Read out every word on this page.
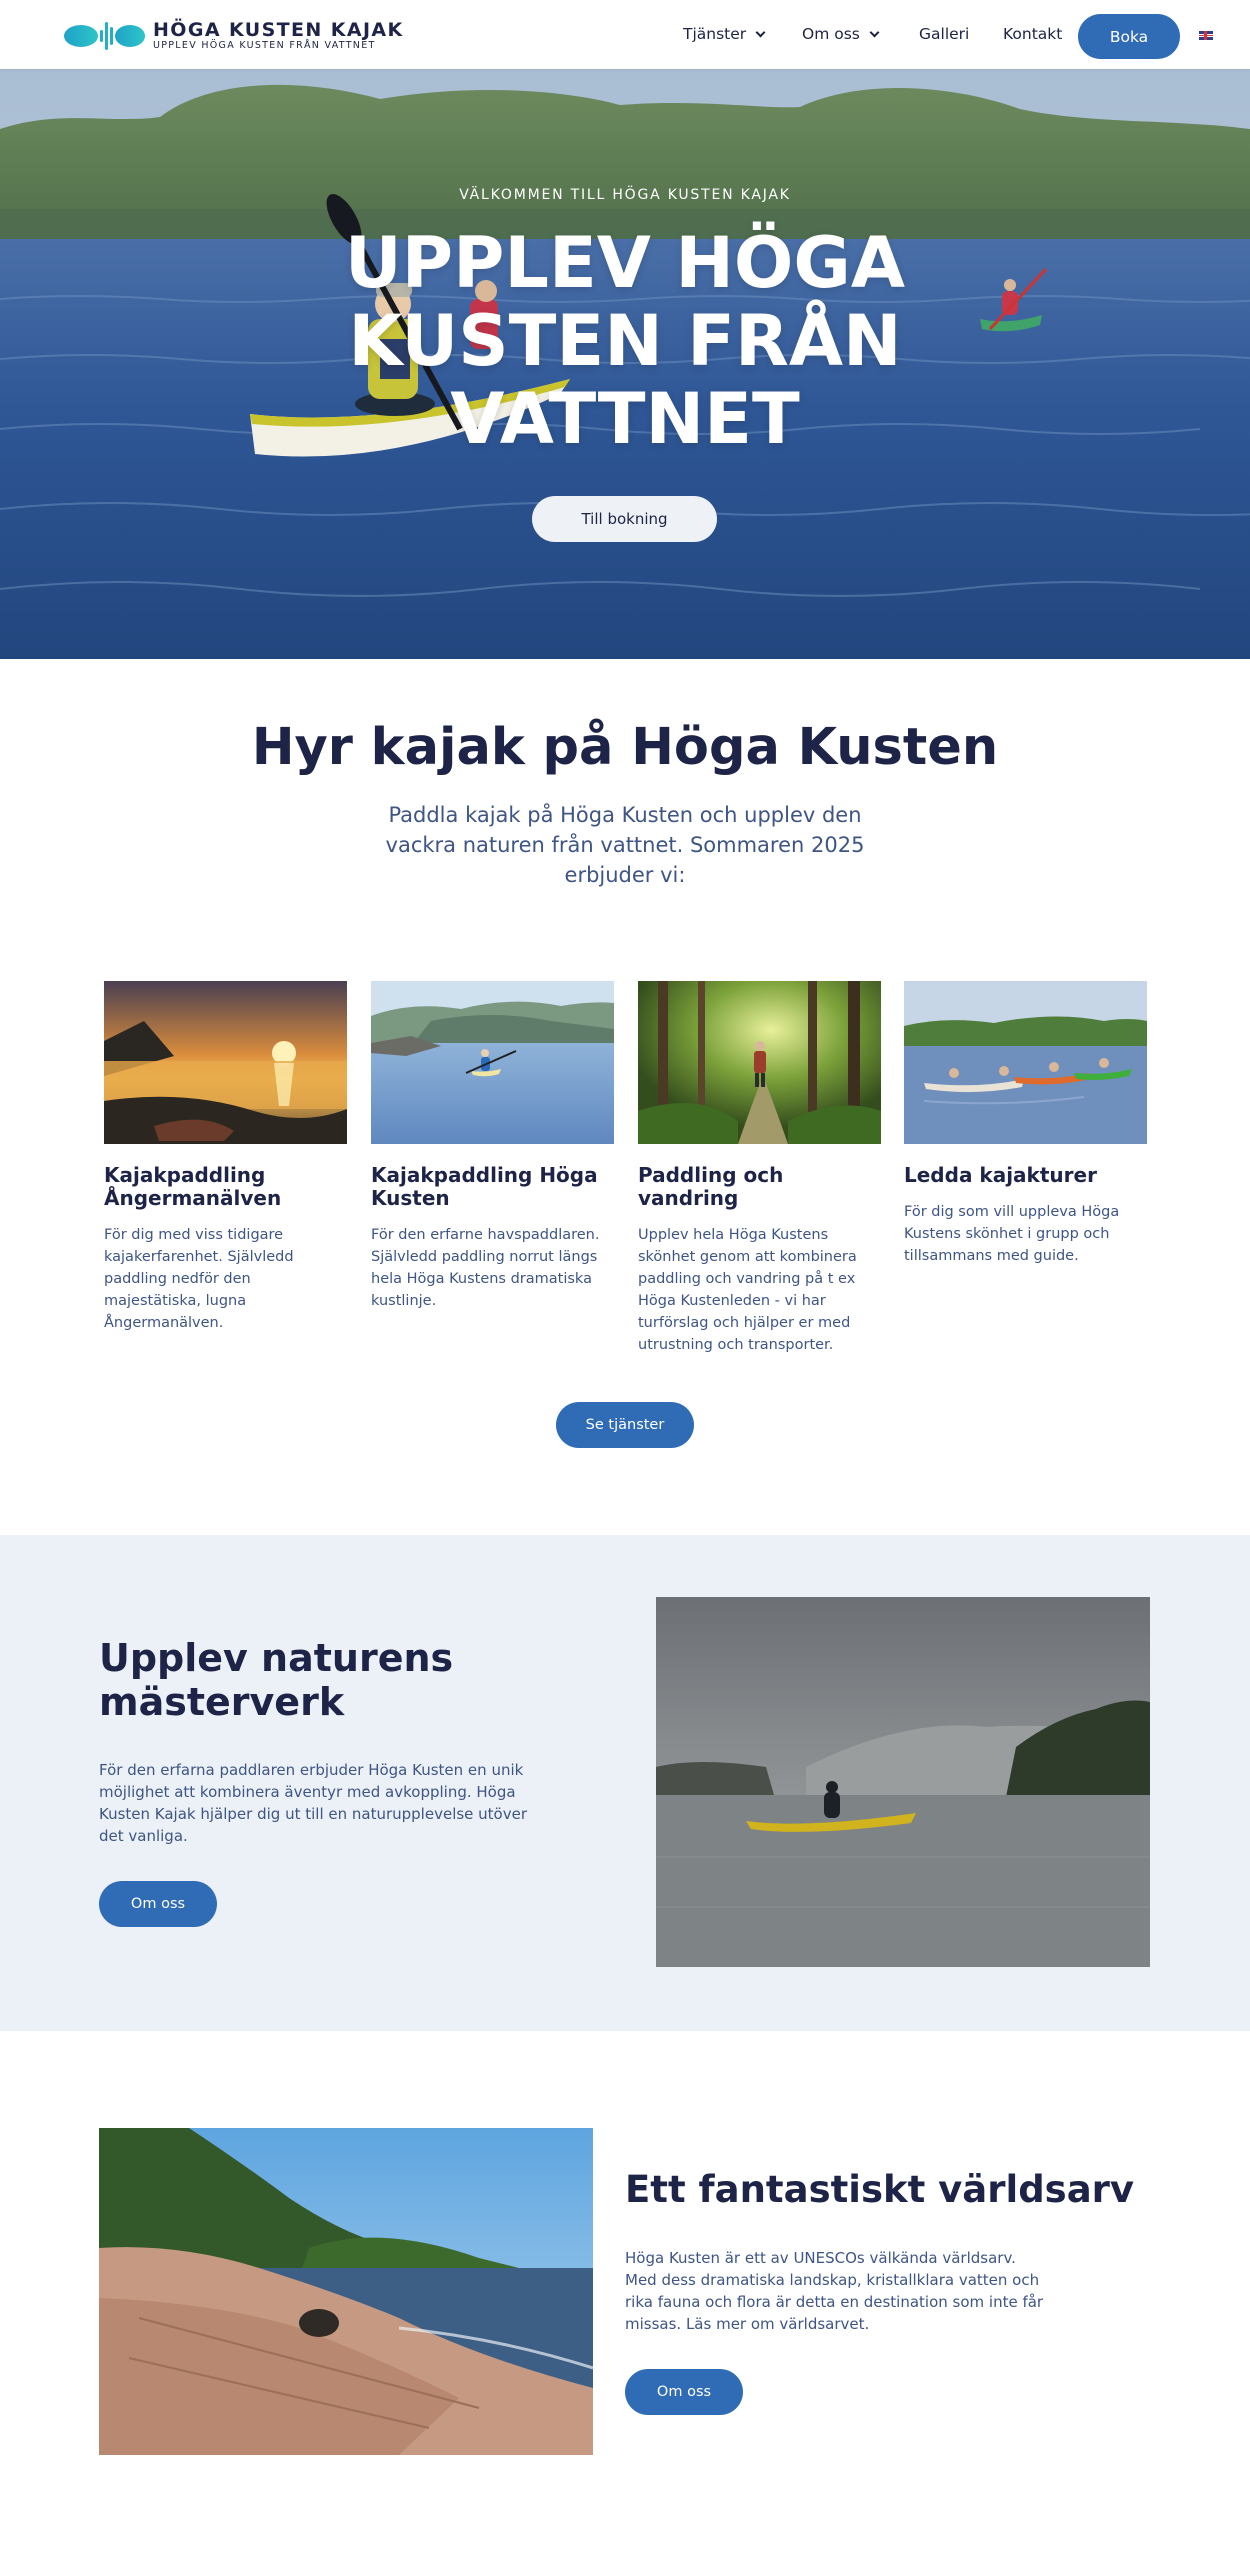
HÖGA KUSTEN KAJAK
UPPLEV HÖGA KUSTEN FRÅN VATTNET
Tjänster	Om oss	Galleri Kontakt	Boka
VÄLKOMMEN TILL HÖGA KUSTEN KAJAK
UPPLEV HÖGA KUSTEN FRÅN VATTNET
Till bokning
Hyr kajak på Höga Kusten

Paddla kajak på Höga Kusten och upplev den vackra naturen från vattnet. Sommaren 2025 erbjuder vi:

Kajakpaddling Ångermanälven

För dig med viss tidigare kajakerfarenhet. Självledd paddling nedför den majestätiska, lugna Ångermanälven.

Kajakpaddling Höga Kusten

För den erfarne havspaddlaren. Självledd paddling norrut längs hela Höga Kustens dramatiska kustlinje.

Paddling och vandring

Upplev hela Höga Kustens skönhet genom att kombinera paddling och vandring på t ex Höga Kustenleden - vi har turförslag och hjälper er med utrustning och transporter.

Ledda kajakturer

För dig som vill uppleva Höga Kustens skönhet i grupp och tillsammans med guide.

Se tjänster
Upplev naturens mästerverk

För den erfarna paddlaren erbjuder Höga Kusten en unik möjlighet att kombinera äventyr med avkoppling. Höga Kusten Kajak hjälper dig ut till en naturupplevelse utöver det vanliga.

Om oss
Ett fantastiskt världsarv

Höga Kusten är ett av UNESCOs välkända världsarv. Med dess dramatiska landskap, kristallklara vatten och rika fauna och flora är detta en destination som inte får missas. Läs mer om världsarvet.

Om oss
